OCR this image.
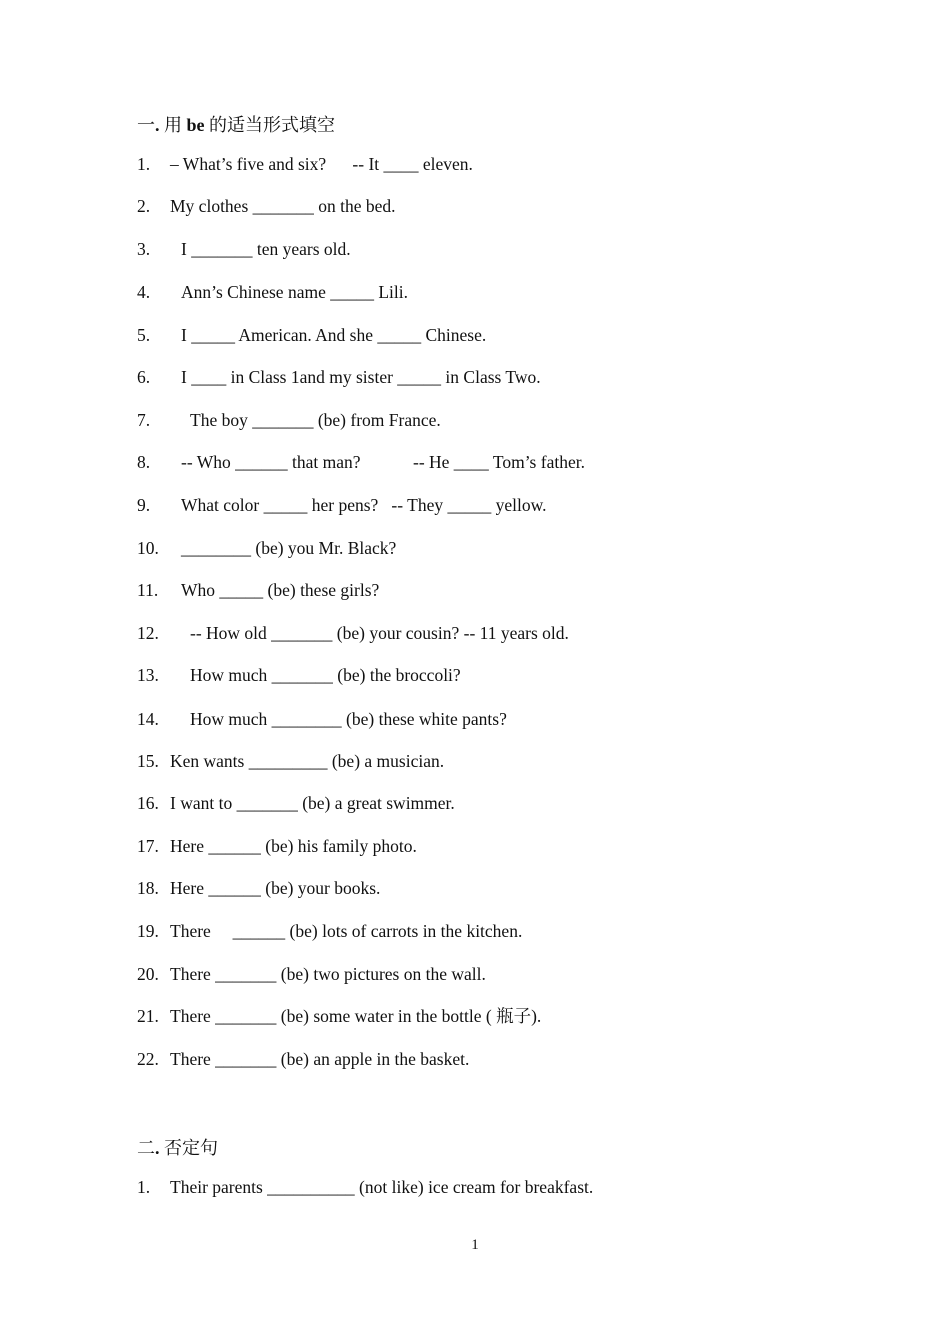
一. 用 be 的适当形式填空
1. – What’s five and six?      -- It ____ eleven.
2. My clothes _______ on the bed.
3. I _______ ten years old.
4. Ann’s Chinese name _____ Lili.
5. I _____ American. And she _____ Chinese.
6. I ____ in Class 1and my sister _____ in Class Two.
7. The boy _______ (be) from France.
8. -- Who ______ that man?            -- He ____ Tom’s father.
9. What color _____ her pens?   -- They _____ yellow.
10. ________ (be) you Mr. Black?
11. Who _____ (be) these girls?
12. -- How old _______ (be) your cousin? -- 11 years old.
13. How much _______ (be) the broccoli?
14. How much ________ (be) these white pants?
15. Ken wants _________ (be) a musician.
16. I want to _______ (be) a great swimmer.
17. Here ______ (be) his family photo.
18. Here ______ (be) your books.
19. There     ______ (be) lots of carrots in the kitchen.
20. There _______ (be) two pictures on the wall.
21. There _______ (be) some water in the bottle ( 瓶子).
22. There _______ (be) an apple in the basket.
二. 否定句
1. Their parents __________ (not like) ice cream for breakfast.
1
